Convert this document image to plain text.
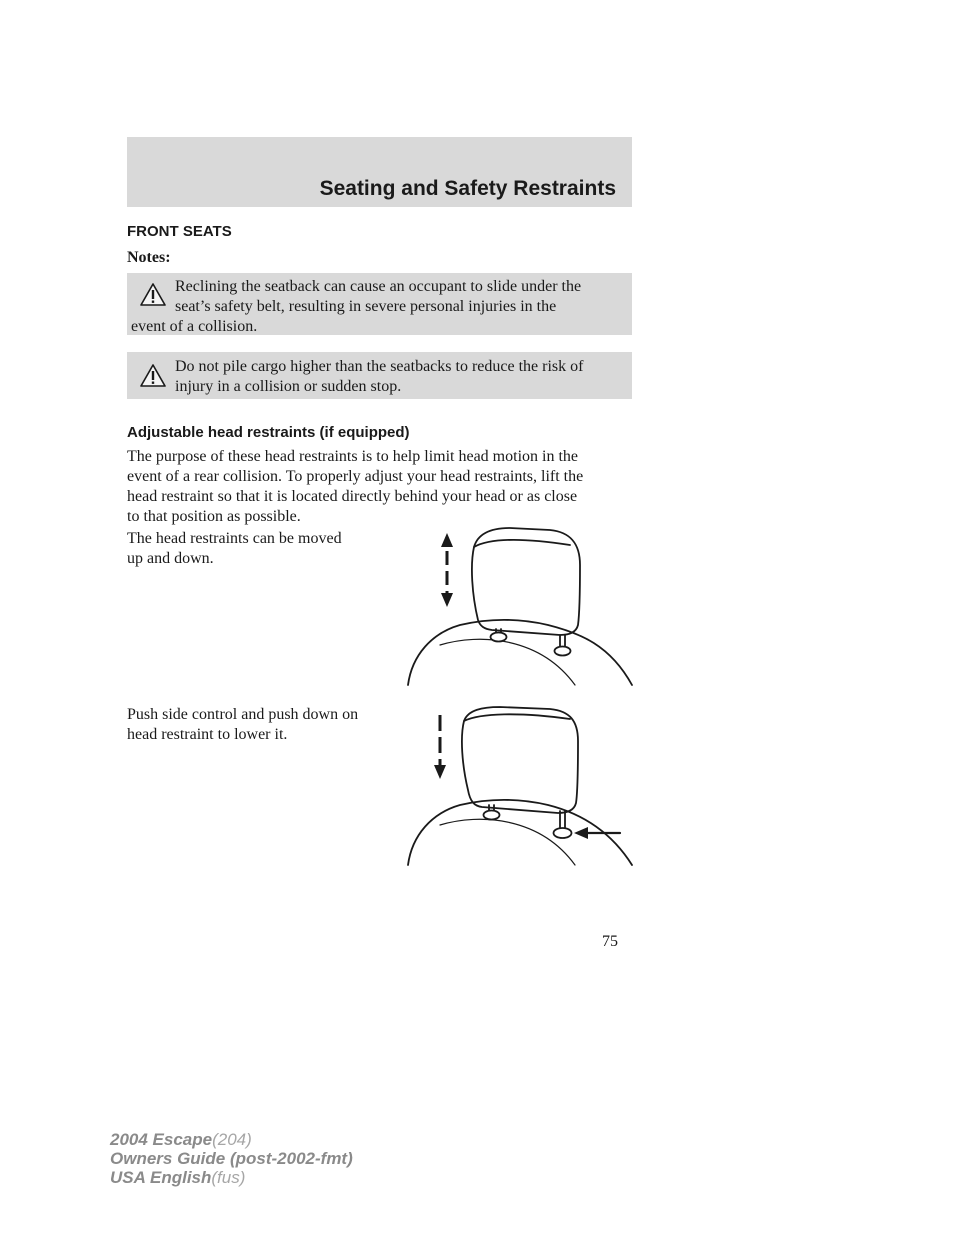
Seating and Safety Restraints
FRONT SEATS
Notes:

Reclining the seatback can cause an occupant to slide under the

seat’s safety belt, resulting in severe personal injuries in the

event of a collision.

Do not pile cargo higher than the seatbacks to reduce the risk of

injury in a collision or sudden stop.

Adjustable head restraints (if equipped)
The purpose of these head restraints is to help limit head motion in the
event of a rear collision. To properly adjust your head restraints, lift the
head restraint so that it is located directly behind your head or as close
to that position as possible.
The head restraints can be moved
up and down.
Push side control and push down on
head restraint to lower it.
75
2004 Escape(204)
Owners Guide (post-2002-fmt)
USA English(fus)
